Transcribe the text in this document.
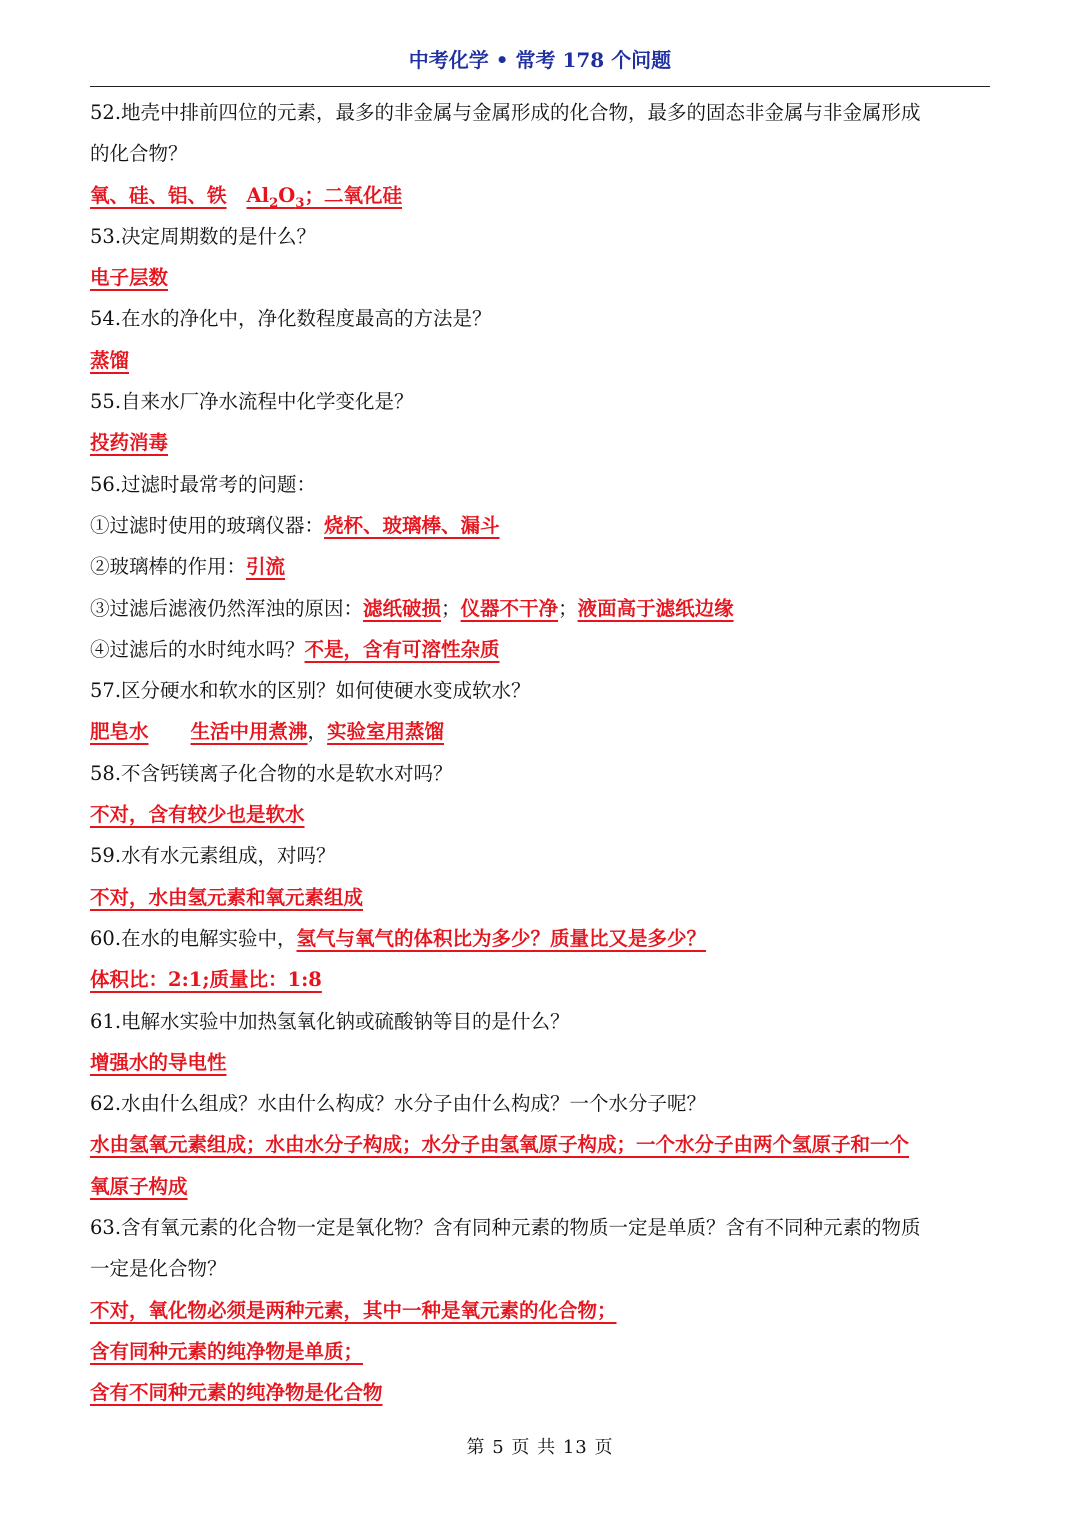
中考化学 • 常考 178 个问题
52.地壳中排前四位的元素，最多的非金属与金属形成的化合物，最多的固态非金属与非金属形成
的化合物？
氧、硅、铝、铁 $Al_2O_3$；二氧化硅
53.决定周期数的是什么？
电子层数
54.在水的净化中，净化数程度最高的方法是？
蒸馏
55.自来水厂净水流程中化学变化是？
投药消毒
56.过滤时最常考的问题：
①过滤时使用的玻璃仪器：烧杯、玻璃棒、漏斗
②玻璃棒的作用：引流
③过滤后滤液仍然浑浊的原因：滤纸破损；仪器不干净；液面高于滤纸边缘
④过滤后的水时纯水吗？不是，含有可溶性杂质
57.区分硬水和软水的区别？如何使硬水变成软水？
肥皂水 生活中用煮沸，实验室用蒸馏
58.不含钙镁离子化合物的水是软水对吗？
不对，含有较少也是软水
59.水有水元素组成，对吗？
不对，水由氢元素和氧元素组成
60.在水的电解实验中，氢气与氧气的体积比为多少？质量比又是多少？
体积比：2:1;质量比：1:8
61.电解水实验中加热氢氧化钠或硫酸钠等目的是什么？
增强水的导电性
62.水由什么组成？水由什么构成？水分子由什么构成？一个水分子呢？
水由氢氧元素组成；水由水分子构成；水分子由氢氧原子构成；一个水分子由两个氢原子和一个
氧原子构成
63.含有氧元素的化合物一定是氧化物？含有同种元素的物质一定是单质？含有不同种元素的物质
一定是化合物？
不对，氧化物必须是两种元素，其中一种是氧元素的化合物；
含有同种元素的纯净物是单质；
含有不同种元素的纯净物是化合物
第 5 页 共 13 页
